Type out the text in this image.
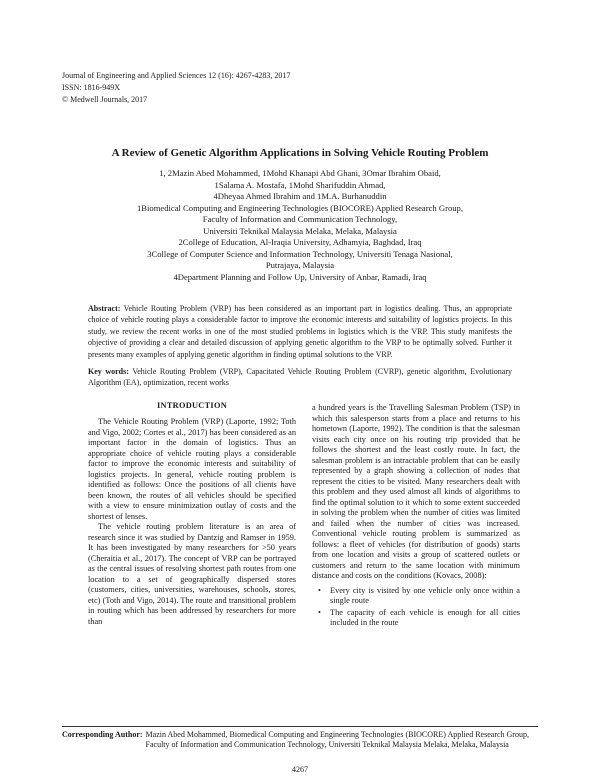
Journal of Engineering and Applied Sciences 12 (16): 4267-4283, 2017
ISSN: 1816-949X
© Medwell Journals, 2017
A Review of Genetic Algorithm Applications in Solving Vehicle Routing Problem
1, 2Mazin Abed Mohammed, 1Mohd Khanapi Abd Ghani, 3Omar Ibrahim Obaid,
1Salama A. Mostafa, 1Mohd Sharifuddin Ahmad,
4Dheyaa Ahmed Ibrahim and 1M.A. Burhanuddin
1Biomedical Computing and Engineering Technologies (BIOCORE) Applied Research Group,
Faculty of Information and Communication Technology,
Universiti Teknikal Malaysia Melaka, Melaka, Malaysia
2College of Education, Al-Iraqia University, Adhamyia, Baghdad, Iraq
3College of Computer Science and Information Technology, Universiti Tenaga Nasional,
Putrajaya, Malaysia
4Department Planning and Follow Up, University of Anbar, Ramadi, Iraq
Abstract: Vehicle Routing Problem (VRP) has been considered as an important part in logistics dealing. Thus, an appropriate choice of vehicle routing plays a considerable factor to improve the economic interests and suitability of logistics projects. In this study, we review the recent works in one of the most studied problems in logistics which is the VRP. This study manifests the objective of providing a clear and detailed discussion of applying genetic algorithm to the VRP to be optimally solved. Further it presents many examples of applying genetic algorithm in finding optimal solutions to the VRP.
Key words: Vehicle Routing Problem (VRP), Capacitated Vehicle Routing Problem (CVRP), genetic algorithm, Evolutionary Algorithm (EA), optimization, recent works
INTRODUCTION

The Vehicle Routing Problem (VRP) (Laporte, 1992; Toth and Vigo, 2002; Cortes et al., 2017) has been considered as an important factor in the domain of logistics. Thus an appropriate choice of vehicle routing plays a considerable factor to improve the economic interests and suitability of logistics projects. In general, vehicle routing problem is identified as follows: Once the positions of all clients have been known, the routes of all vehicles should be specified with a view to ensure minimization outlay of costs and the shortest of lenses.

The vehicle routing problem literature is an area of research since it was studied by Dantzig and Ramser in 1959. It has been investigated by many researchers for >50 years (Cheraitia et al., 2017). The concept of VRP can be portrayed as the central issues of resolving shortest path routes from one location to a set of geographically dispersed stores (customers, cities, universities, warehouses, schools, stores, etc) (Toth and Vigo, 2014). The route and transitional problem in routing which has been addressed by researchers for more than

a hundred years is the Travelling Salesman Problem (TSP) in which this salesperson starts from a place and returns to his hometown (Laporte, 1992). The condition is that the salesman visits each city once on his routing trip provided that he follows the shortest and the least costly route. In fact, the salesman problem is an intractable problem that can be easily represented by a graph showing a collection of nodes that represent the cities to be visited. Many researchers dealt with this problem and they used almost all kinds of algorithms to find the optimal solution to it which to some extent succeeded in solving the problem when the number of cities was limited and failed when the number of cities was increased. Conventional vehicle routing problem is summarized as follows: a fleet of vehicles (for distribution of goods) starts from one location and visits a group of scattered outlets or customers and return to the same location with minimum distance and costs on the conditions (Kovacs, 2008):

• Every city is visited by one vehicle only once within a single route
• The capacity of each vehicle is enough for all cities included in the route
Corresponding Author: Mazin Abed Mohammed, Biomedical Computing and Engineering Technologies (BIOCORE) Applied Research Group, Faculty of Information and Communication Technology, Universiti Teknikal Malaysia Melaka, Melaka, Malaysia
4267
